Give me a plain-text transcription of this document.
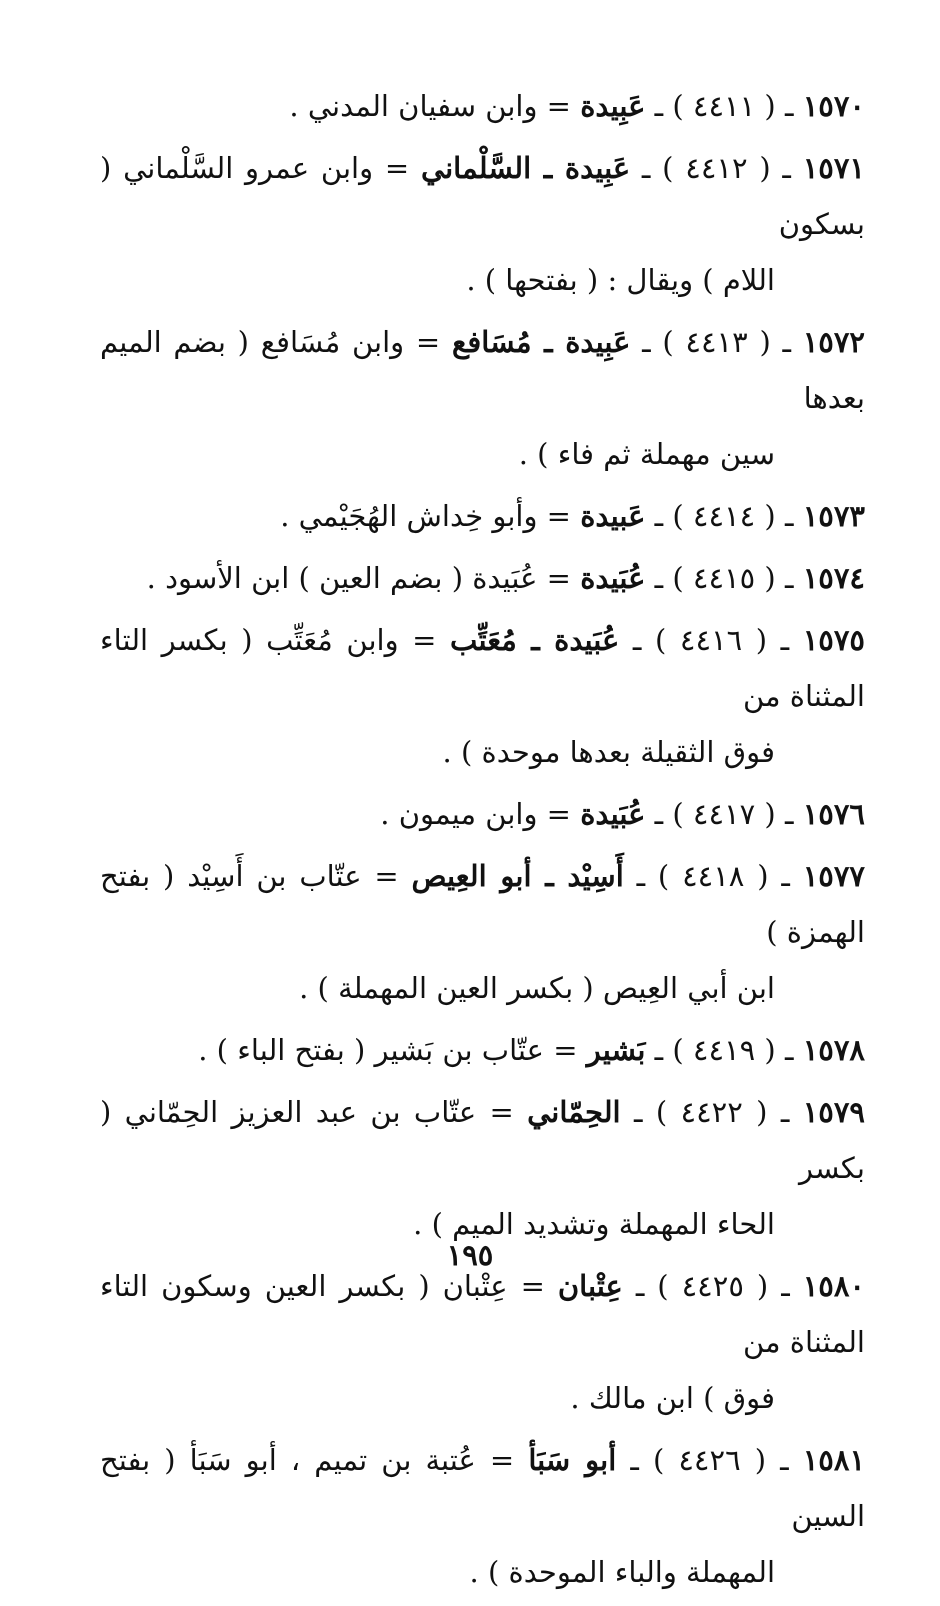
١٥٧٠ ـ ( ٤٤١١ ) ـ عَبِيدة = وابن سفيان المدني .
١٥٧١ ـ ( ٤٤١٢ ) ـ عَبِيدة ـ السَّلْماني = وابن عمرو السَّلْماني ( بسكون
اللام ) ويقال : ( بفتحها ) .
١٥٧٢ ـ ( ٤٤١٣ ) ـ عَبِيدة ـ مُسَافع = وابن مُسَافع ( بضم الميم بعدها
سين مهملة ثم فاء ) .
١٥٧٣ ـ ( ٤٤١٤ ) ـ عَبيدة = وأبو خِداش الهُجَيْمي .
١٥٧٤ ـ ( ٤٤١٥ ) ـ عُبَيدة = عُبَيدة ( بضم العين ) ابن الأسود .
١٥٧٥ ـ ( ٤٤١٦ ) ـ عُبَيدة ـ مُعَتِّب = وابن مُعَتِّب ( بكسر التاء المثناة من
فوق الثقيلة بعدها موحدة ) .
١٥٧٦ ـ ( ٤٤١٧ ) ـ عُبَيدة = وابن ميمون .
١٥٧٧ ـ ( ٤٤١٨ ) ـ أَسِيْد ـ أبو العِيص = عتّاب بن أَسِيْد ( بفتح الهمزة )
ابن أبي العِيص ( بكسر العين المهملة ) .
١٥٧٨ ـ ( ٤٤١٩ ) ـ بَشير = عتّاب بن بَشير ( بفتح الباء ) .
١٥٧٩ ـ ( ٤٤٢٢ ) ـ الحِمّاني = عتّاب بن عبد العزيز الحِمّاني ( بكسر
الحاء المهملة وتشديد الميم ) .
١٥٨٠ ـ ( ٤٤٢٥ ) ـ عِتْبان = عِتْبان ( بكسر العين وسكون التاء المثناة من
فوق ) ابن مالك .
١٥٨١ ـ ( ٤٤٢٦ ) ـ أبو سَبَأ = عُتبة بن تميم ، أبو سَبَأ ( بفتح السين
المهملة والباء الموحدة ) .
١٩٥
